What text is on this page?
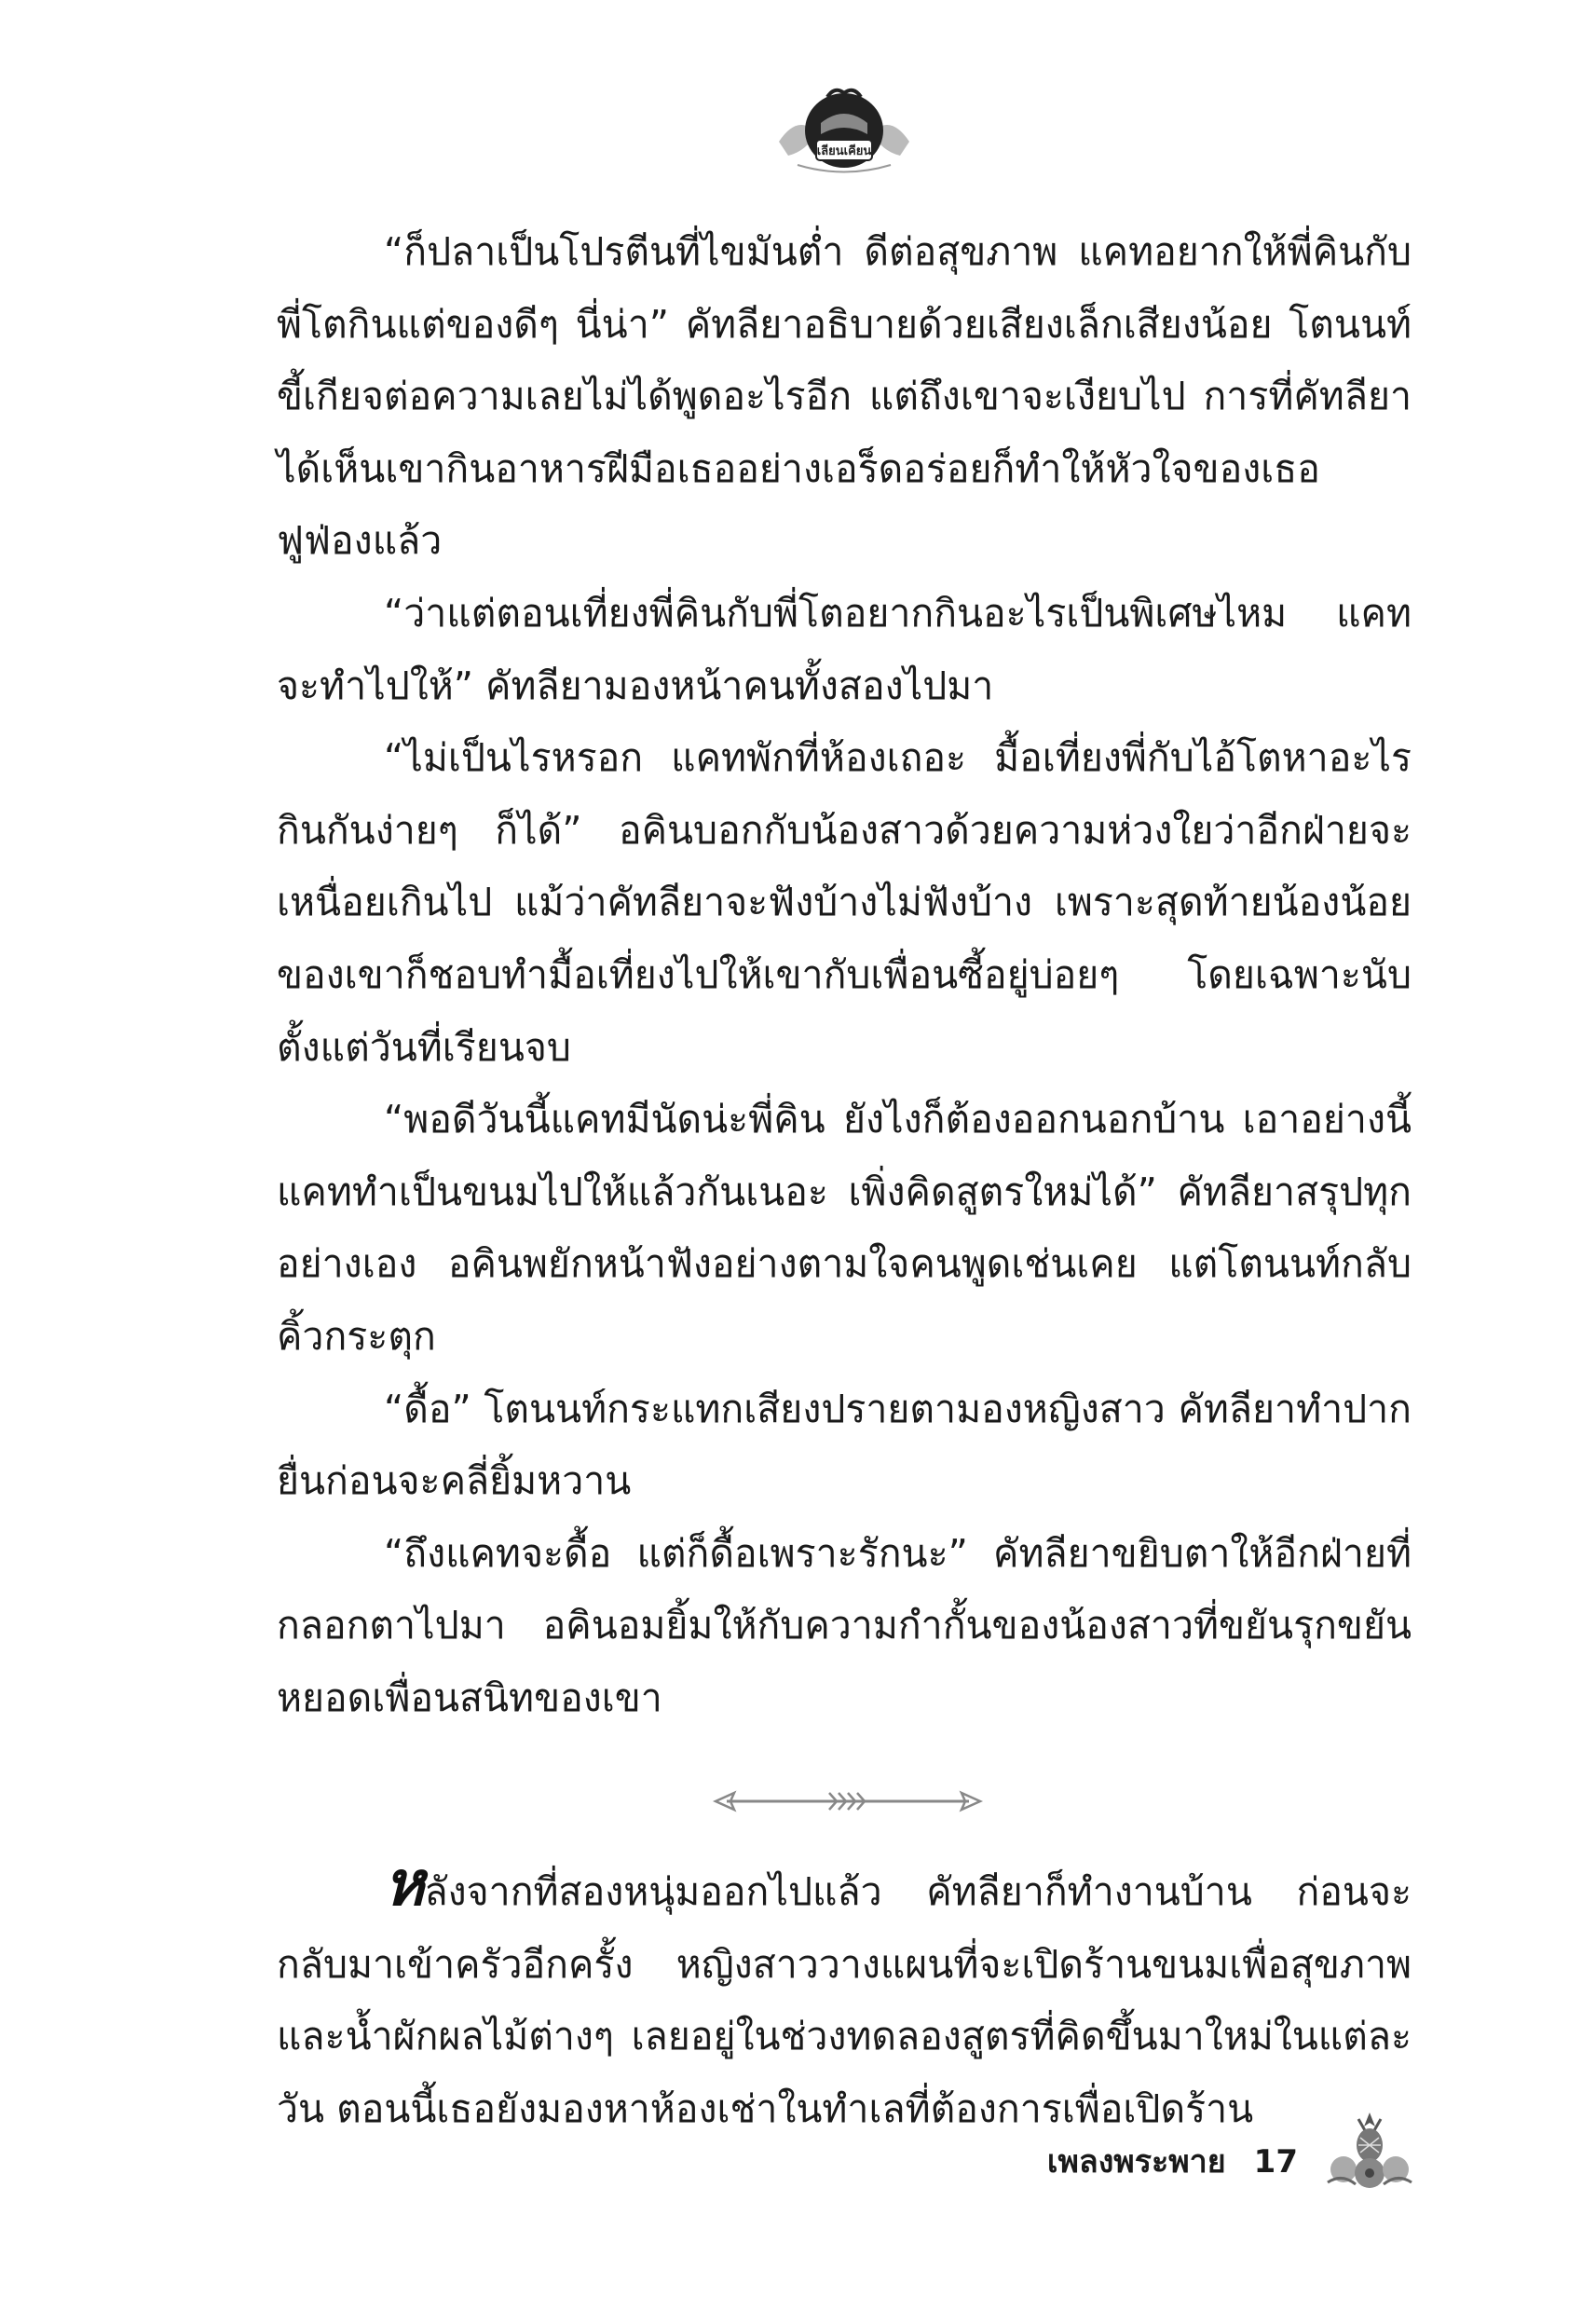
เลียนเคียน

“ก็ปลาเป็นโปรตีนที่ไขมันต่ำ ดีต่อสุขภาพ แคทอยากให้พี่คินกับพี่โตกินแต่ของดีๆ นี่น่า” คัทลียาอธิบายด้วยเสียงเล็กเสียงน้อย โตนนท์ขี้เกียจต่อความเลยไม่ได้พูดอะไรอีก แต่ถึงเขาจะเงียบไป การที่คัทลียาได้เห็นเขากินอาหารฝีมือเธออย่างเอร็ดอร่อยก็ทำให้หัวใจของเธอฟูฟ่องแล้ว

“ว่าแต่ตอนเที่ยงพี่คินกับพี่โตอยากกินอะไรเป็นพิเศษไหม แคทจะทำไปให้” คัทลียามองหน้าคนทั้งสองไปมา

“ไม่เป็นไรหรอก แคทพักที่ห้องเถอะ มื้อเที่ยงพี่กับไอ้โตหาอะไรกินกันง่ายๆ ก็ได้” อคินบอกกับน้องสาวด้วยความห่วงใยว่าอีกฝ่ายจะเหนื่อยเกินไป แม้ว่าคัทลียาจะฟังบ้างไม่ฟังบ้าง เพราะสุดท้ายน้องน้อยของเขาก็ชอบทำมื้อเที่ยงไปให้เขากับเพื่อนซี้อยู่บ่อยๆ โดยเฉพาะนับตั้งแต่วันที่เรียนจบ

“พอดีวันนี้แคทมีนัดน่ะพี่คิน ยังไงก็ต้องออกนอกบ้าน เอาอย่างนี้แคททำเป็นขนมไปให้แล้วกันเนอะ เพิ่งคิดสูตรใหม่ได้” คัทลียาสรุปทุกอย่างเอง อคินพยักหน้าฟังอย่างตามใจคนพูดเช่นเคย แต่โตนนท์กลับคิ้วกระตุก

“ดื้อ” โตนนท์กระแทกเสียงปรายตามองหญิงสาว คัทลียาทำปากยื่นก่อนจะคลี่ยิ้มหวาน

“ถึงแคทจะดื้อ แต่ก็ดื้อเพราะรักนะ” คัทลียาขยิบตาให้อีกฝ่ายที่กลอกตาไปมา อคินอมยิ้มให้กับความกำกั้นของน้องสาวที่ขยันรุกขยันหยอดเพื่อนสนิทของเขา

หลังจากที่สองหนุ่มออกไปแล้ว คัทลียาก็ทำงานบ้าน ก่อนจะกลับมาเข้าครัวอีกครั้ง หญิงสาววางแผนที่จะเปิดร้านขนมเพื่อสุขภาพและน้ำผักผลไม้ต่างๆ เลยอยู่ในช่วงทดลองสูตรที่คิดขึ้นมาใหม่ในแต่ละวัน ตอนนี้เธอยังมองหาห้องเช่าในทำเลที่ต้องการเพื่อเปิดร้าน

เพลงพระพาย 17
